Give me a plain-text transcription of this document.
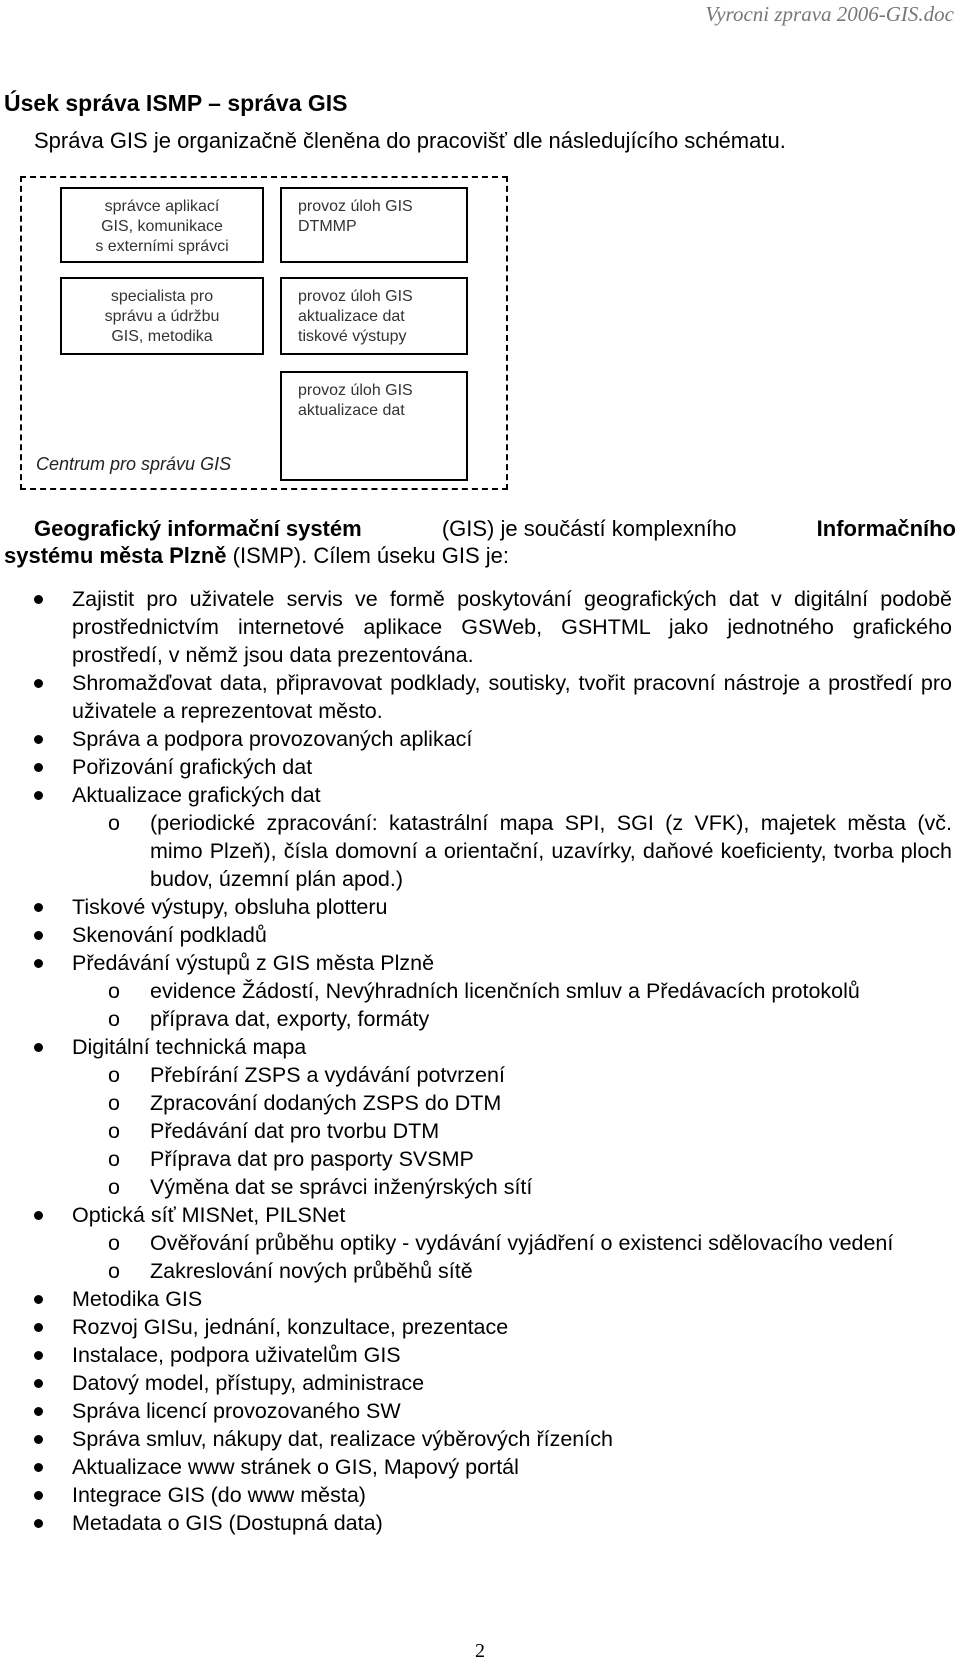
Vyrocni zprava 2006-GIS.doc
Úsek správa ISMP – správa GIS
Správa GIS je organizačně členěna do pracovišť dle následujícího schématu.
správce aplikací
GIS, komunikace
s externími správci
specialista pro
správu a údržbu
GIS, metodika
provoz úloh GIS
DTMMP
provoz úloh GIS
aktualizace dat
tiskové výstupy
provoz úloh GIS
aktualizace dat
Centrum pro správu GIS
Geografický informační systém	(GIS) je součástí komplexního	Informačního
systému města Plzně (ISMP). Cílem úseku GIS je:
Zajistit pro uživatele servis ve formě poskytování geografických dat v digitální podobě prostřednictvím internetové aplikace GSWeb, GSHTML jako jednotného grafického prostředí, v němž jsou data prezentována.
Shromažďovat data, připravovat podklady, soutisky, tvořit pracovní nástroje a prostředí pro uživatele a reprezentovat město.
Správa a podpora provozovaných aplikací
Pořizování grafických dat
Aktualizace grafických dat
o (periodické zpracování: katastrální mapa SPI, SGI (z VFK), majetek města (vč. mimo Plzeň), čísla domovní a orientační, uzavírky, daňové koeficienty, tvorba ploch budov, územní plán apod.)
Tiskové výstupy, obsluha plotteru
Skenování podkladů
Předávání výstupů z GIS města Plzně
o evidence Žádostí, Nevýhradních licenčních smluv a Předávacích protokolů
o příprava dat, exporty, formáty
Digitální technická mapa
o Přebírání ZSPS a vydávání potvrzení
o Zpracování dodaných ZSPS do DTM
o Předávání dat pro tvorbu DTM
o Příprava dat pro pasporty SVSMP
o Výměna dat se správci inženýrských sítí
Optická síť MISNet, PILSNet
o Ověřování průběhu optiky - vydávání vyjádření o existenci sdělovacího vedení
o Zakreslování nových průběhů sítě
Metodika GIS
Rozvoj GISu, jednání, konzultace, prezentace
Instalace, podpora uživatelům GIS
Datový model, přístupy, administrace
Správa licencí provozovaného SW
Správa smluv, nákupy dat, realizace výběrových řízeních
Aktualizace www stránek o GIS, Mapový portál
Integrace GIS (do www města)
Metadata o GIS (Dostupná data)
2
